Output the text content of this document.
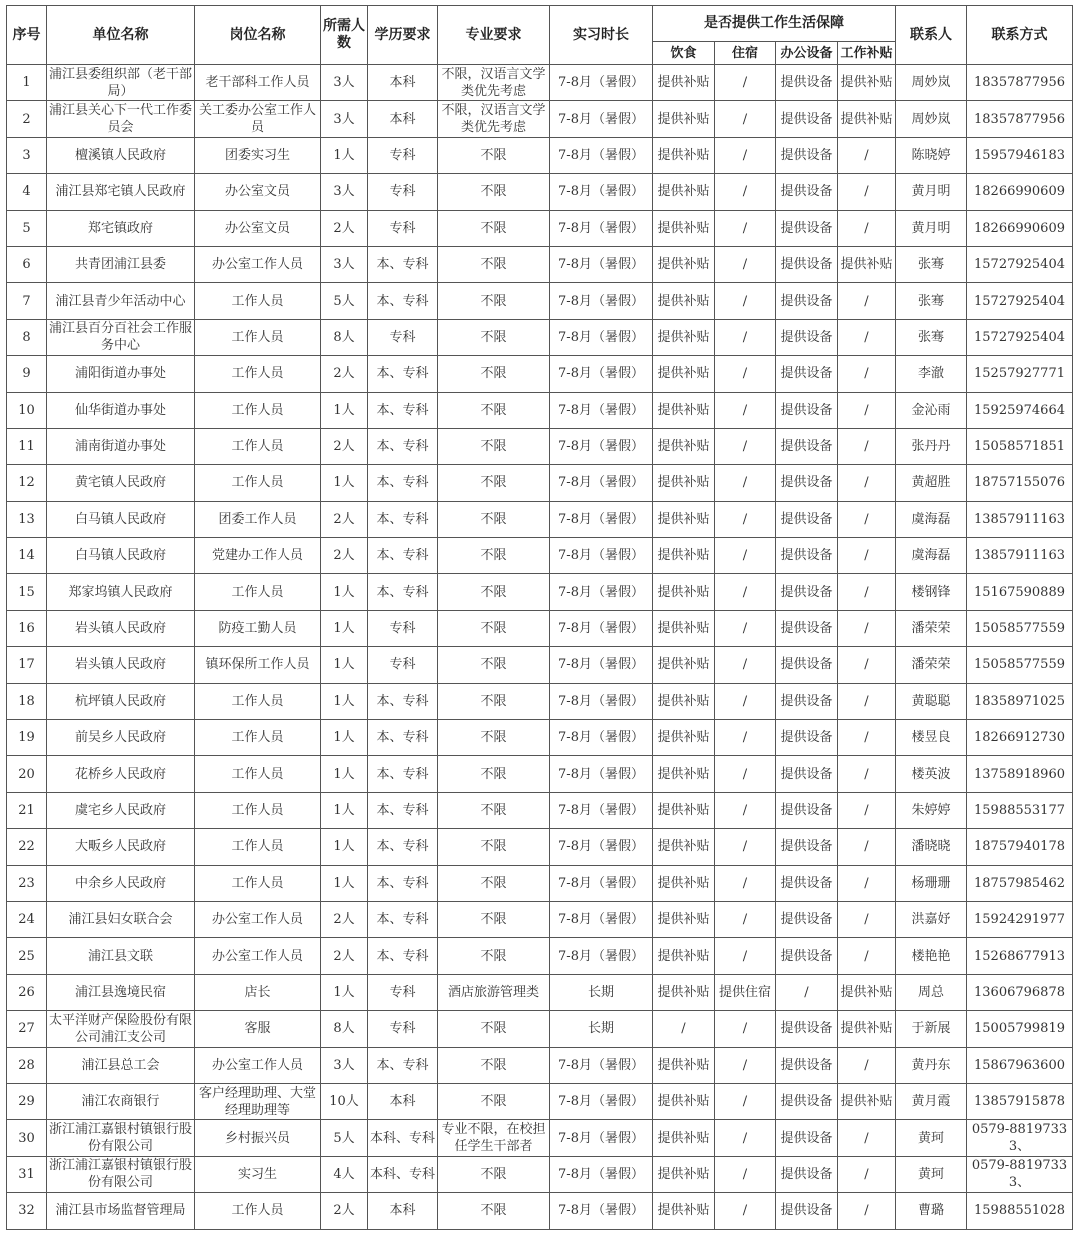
序号	单位名称	岗位名称	所需人数	学历要求	专业要求	实习时长	是否提供工作生活保障				联系人	联系方式
							饮食	住宿	办公设备	工作补贴		
1	浦江县委组织部（老干部局）	老干部科工作人员	3人	本科	不限，汉语言文学类优先考虑	7-8月（暑假）	提供补贴	/	提供设备	提供补贴	周妙岚	18357877956
2	浦江县关心下一代工作委员会	关工委办公室工作人员	3人	本科	不限，汉语言文学类优先考虑	7-8月（暑假）	提供补贴	/	提供设备	提供补贴	周妙岚	18357877956
3	檀溪镇人民政府	团委实习生	1人	专科	不限	7-8月（暑假）	提供补贴	/	提供设备	/	陈晓婷	15957946183
4	浦江县郑宅镇人民政府	办公室文员	3人	专科	不限	7-8月（暑假）	提供补贴	/	提供设备	/	黄月明	18266990609
5	郑宅镇政府	办公室文员	2人	专科	不限	7-8月（暑假）	提供补贴	/	提供设备	/	黄月明	18266990609
6	共青团浦江县委	办公室工作人员	3人	本、专科	不限	7-8月（暑假）	提供补贴	/	提供设备	提供补贴	张骞	15727925404
7	浦江县青少年活动中心	工作人员	5人	本、专科	不限	7-8月（暑假）	提供补贴	/	提供设备	/	张骞	15727925404
8	浦江县百分百社会工作服务中心	工作人员	8人	专科	不限	7-8月（暑假）	提供补贴	/	提供设备	/	张骞	15727925404
9	浦阳街道办事处	工作人员	2人	本、专科	不限	7-8月（暑假）	提供补贴	/	提供设备	/	李澈	15257927771
10	仙华街道办事处	工作人员	1人	本、专科	不限	7-8月（暑假）	提供补贴	/	提供设备	/	金沁雨	15925974664
11	浦南街道办事处	工作人员	2人	本、专科	不限	7-8月（暑假）	提供补贴	/	提供设备	/	张丹丹	15058571851
12	黄宅镇人民政府	工作人员	1人	本、专科	不限	7-8月（暑假）	提供补贴	/	提供设备	/	黄超胜	18757155076
13	白马镇人民政府	团委工作人员	2人	本、专科	不限	7-8月（暑假）	提供补贴	/	提供设备	/	虞海磊	13857911163
14	白马镇人民政府	党建办工作人员	2人	本、专科	不限	7-8月（暑假）	提供补贴	/	提供设备	/	虞海磊	13857911163
15	郑家坞镇人民政府	工作人员	1人	本、专科	不限	7-8月（暑假）	提供补贴	/	提供设备	/	楼钢锋	15167590889
16	岩头镇人民政府	防疫工勤人员	1人	专科	不限	7-8月（暑假）	提供补贴	/	提供设备	/	潘荣荣	15058577559
17	岩头镇人民政府	镇环保所工作人员	1人	专科	不限	7-8月（暑假）	提供补贴	/	提供设备	/	潘荣荣	15058577559
18	杭坪镇人民政府	工作人员	1人	本、专科	不限	7-8月（暑假）	提供补贴	/	提供设备	/	黄聪聪	18358971025
19	前吴乡人民政府	工作人员	1人	本、专科	不限	7-8月（暑假）	提供补贴	/	提供设备	/	楼昱良	18266912730
20	花桥乡人民政府	工作人员	1人	本、专科	不限	7-8月（暑假）	提供补贴	/	提供设备	/	楼英波	13758918960
21	虞宅乡人民政府	工作人员	1人	本、专科	不限	7-8月（暑假）	提供补贴	/	提供设备	/	朱婷婷	15988553177
22	大畈乡人民政府	工作人员	1人	本、专科	不限	7-8月（暑假）	提供补贴	/	提供设备	/	潘晓晓	18757940178
23	中余乡人民政府	工作人员	1人	本、专科	不限	7-8月（暑假）	提供补贴	/	提供设备	/	杨珊珊	18757985462
24	浦江县妇女联合会	办公室工作人员	2人	本、专科	不限	7-8月（暑假）	提供补贴	/	提供设备	/	洪嘉妤	15924291977
25	浦江县文联	办公室工作人员	2人	本、专科	不限	7-8月（暑假）	提供补贴	/	提供设备	/	楼艳艳	15268677913
26	浦江县逸境民宿	店长	1人	专科	酒店旅游管理类	长期	提供补贴	提供住宿	/	提供补贴	周总	13606796878
27	太平洋财产保险股份有限公司浦江支公司	客服	8人	专科	不限	长期	/	/	提供设备	提供补贴	于新展	15005799819
28	浦江县总工会	办公室工作人员	3人	本、专科	不限	7-8月（暑假）	提供补贴	/	提供设备	/	黄丹东	15867963600
29	浦江农商银行	客户经理助理、大堂经理助理等	10人	本科	不限	7-8月（暑假）	提供补贴	/	提供设备	提供补贴	黄月霞	13857915878
30	浙江浦江嘉银村镇银行股份有限公司	乡村振兴员	5人	本科、专科	专业不限，在校担任学生干部者	7-8月（暑假）	提供补贴	/	提供设备	/	黄珂	0579-88197333、
31	浙江浦江嘉银村镇银行股份有限公司	实习生	4人	本科、专科	不限	7-8月（暑假）	提供补贴	/	提供设备	/	黄珂	0579-88197333、
32	浦江县市场监督管理局	工作人员	2人	本科	不限	7-8月（暑假）	提供补贴	/	提供设备	/	曹璐	15988551028
